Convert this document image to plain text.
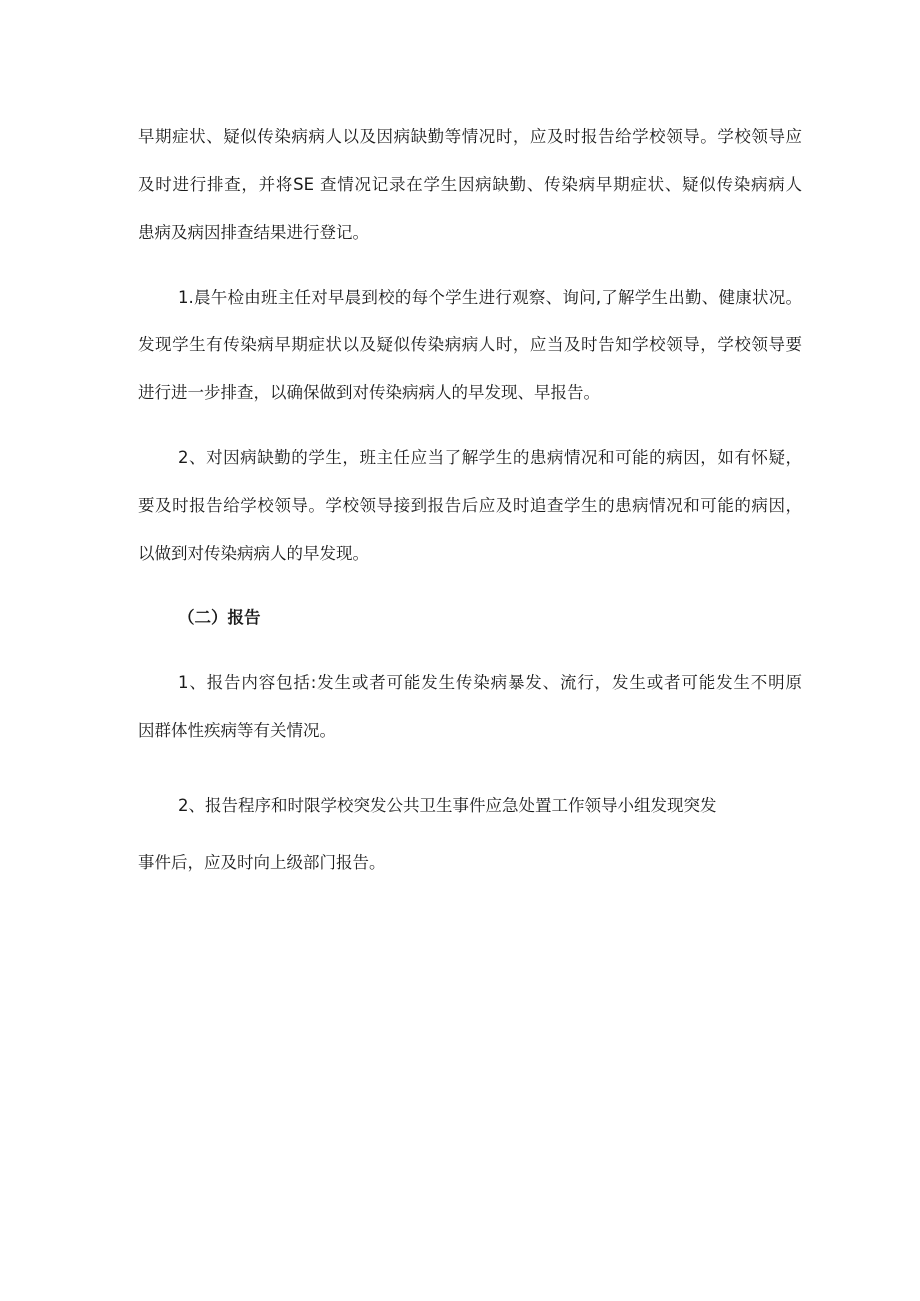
早期症状、疑似传染病病人以及因病缺勤等情况时，应及时报告给学校领导。学校领导应
及时进行排查，并将SE 查情况记录在学生因病缺勤、传染病早期症状、疑似传染病病人
患病及病因排查结果进行登记。
1.晨午检由班主任对早晨到校的每个学生进行观察、询问,了解学生出勤、健康状况。
发现学生有传染病早期症状以及疑似传染病病人时，应当及时告知学校领导，学校领导要
进行进一步排查，以确保做到对传染病病人的早发现、早报告。
2、对因病缺勤的学生，班主任应当了解学生的患病情况和可能的病因，如有怀疑，
要及时报告给学校领导。学校领导接到报告后应及时追查学生的患病情况和可能的病因，
以做到对传染病病人的早发现。
（二）报告
1、报告内容包括:发生或者可能发生传染病暴发、流行，发生或者可能发生不明原
因群体性疾病等有关情况。
2、报告程序和时限学校突发公共卫生事件应急处置工作领导小组发现突发
事件后，应及时向上级部门报告。
